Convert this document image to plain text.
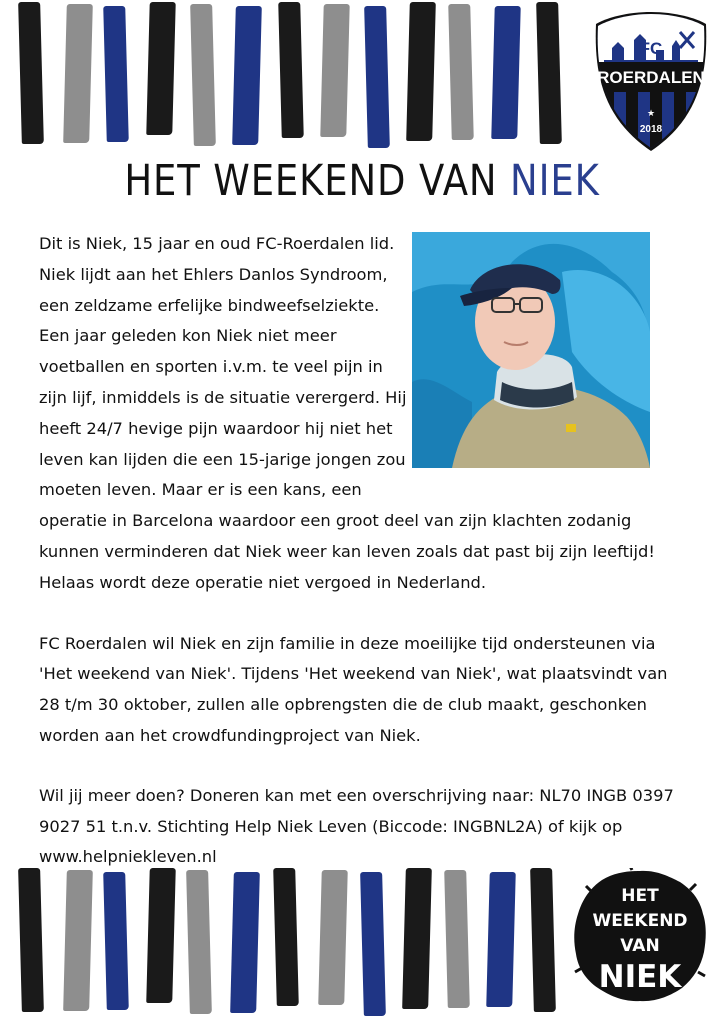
FC
ROERDALEN
★
2018
HET WEEKEND VAN NIEK

Dit is Niek, 15 jaar en oud FC-Roerdalen lid. Niek lijdt aan het Ehlers Danlos Syndroom, een zeldzame erfelijke bindweefselziekte. Een jaar geleden kon Niek niet meer voetballen en sporten i.v.m. te veel pijn in zijn lijf, inmiddels is de situatie verergerd. Hij heeft 24/7 hevige pijn waardoor hij niet het leven kan lijden die een 15-jarige jongen zou moeten leven. Maar er is een kans, een operatie in Barcelona waardoor een groot deel van zijn klachten zodanig kunnen verminderen dat Niek weer kan leven zoals dat past bij zijn leeftijd! Helaas wordt deze operatie niet vergoed in Nederland.

FC Roerdalen wil Niek en zijn familie in deze moeilijke tijd ondersteunen via 'Het weekend van Niek'. Tijdens 'Het weekend van Niek', wat plaatsvindt van 28 t/m 30 oktober, zullen alle opbrengsten die de club maakt, geschonken worden aan het crowdfundingproject van Niek.

Wil jij meer doen? Doneren kan met een overschrijving naar: NL70 INGB 0397 9027 51 t.n.v. Stichting Help Niek Leven (Biccode: INGBNL2A) of kijk op www.helpniekleven.nl

HET
WEEKEND
VAN
NIEK
